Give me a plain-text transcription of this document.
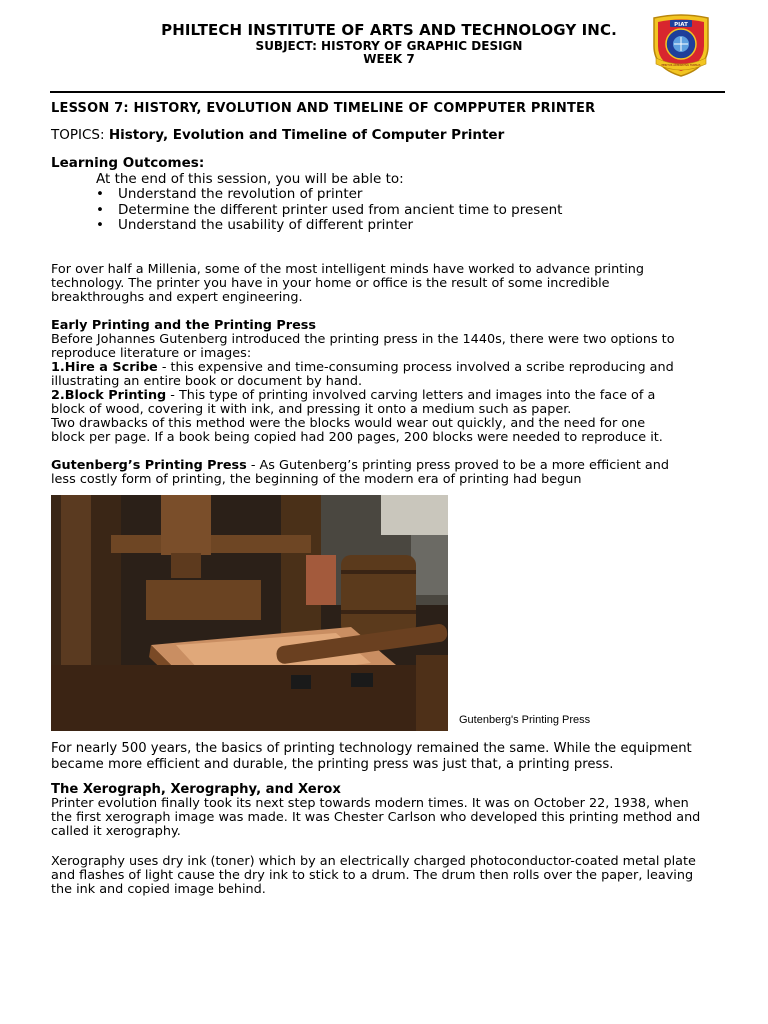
PHILTECH INSTITUTE OF ARTS AND TECHNOLOGY INC.
SUBJECT: HISTORY OF GRAPHIC DESIGN
WEEK 7
PIAT
PERITUS ADMIRATIVA HUMILIS
LESSON 7: HISTORY, EVOLUTION AND TIMELINE OF COMPPUTER PRINTER
TOPICS: History, Evolution and Timeline of Computer Printer
Learning Outcomes:
At the end of this session, you will be able to:
• Understand the revolution of printer
• Determine the different printer used from ancient time to present
• Understand the usability of different printer
For over half a Millenia, some of the most intelligent minds have worked to advance printing
technology. The printer you have in your home or office is the result of some incredible
breakthroughs and expert engineering.
Early Printing and the Printing Press
Before Johannes Gutenberg introduced the printing press in the 1440s, there were two options to
reproduce literature or images:
1.Hire a Scribe - this expensive and time-consuming process involved a scribe reproducing and
illustrating an entire book or document by hand.
2.Block Printing - This type of printing involved carving letters and images into the face of a
block of wood, covering it with ink, and pressing it onto a medium such as paper.
Two drawbacks of this method were the blocks would wear out quickly, and the need for one
block per page. If a book being copied had 200 pages, 200 blocks were needed to reproduce it.
Gutenberg’s Printing Press - As Gutenberg’s printing press proved to be a more efficient and
less costly form of printing, the beginning of the modern era of printing had begun
Gutenberg's Printing Press
For nearly 500 years, the basics of printing technology remained the same. While the equipment
became more efficient and durable, the printing press was just that, a printing press.
The Xerograph, Xerography, and Xerox
Printer evolution finally took its next step towards modern times. It was on October 22, 1938, when
the first xerograph image was made. It was Chester Carlson who developed this printing method and
called it xerography.
Xerography uses dry ink (toner) which by an electrically charged photoconductor-coated metal plate
and flashes of light cause the dry ink to stick to a drum. The drum then rolls over the paper, leaving
the ink and copied image behind.
